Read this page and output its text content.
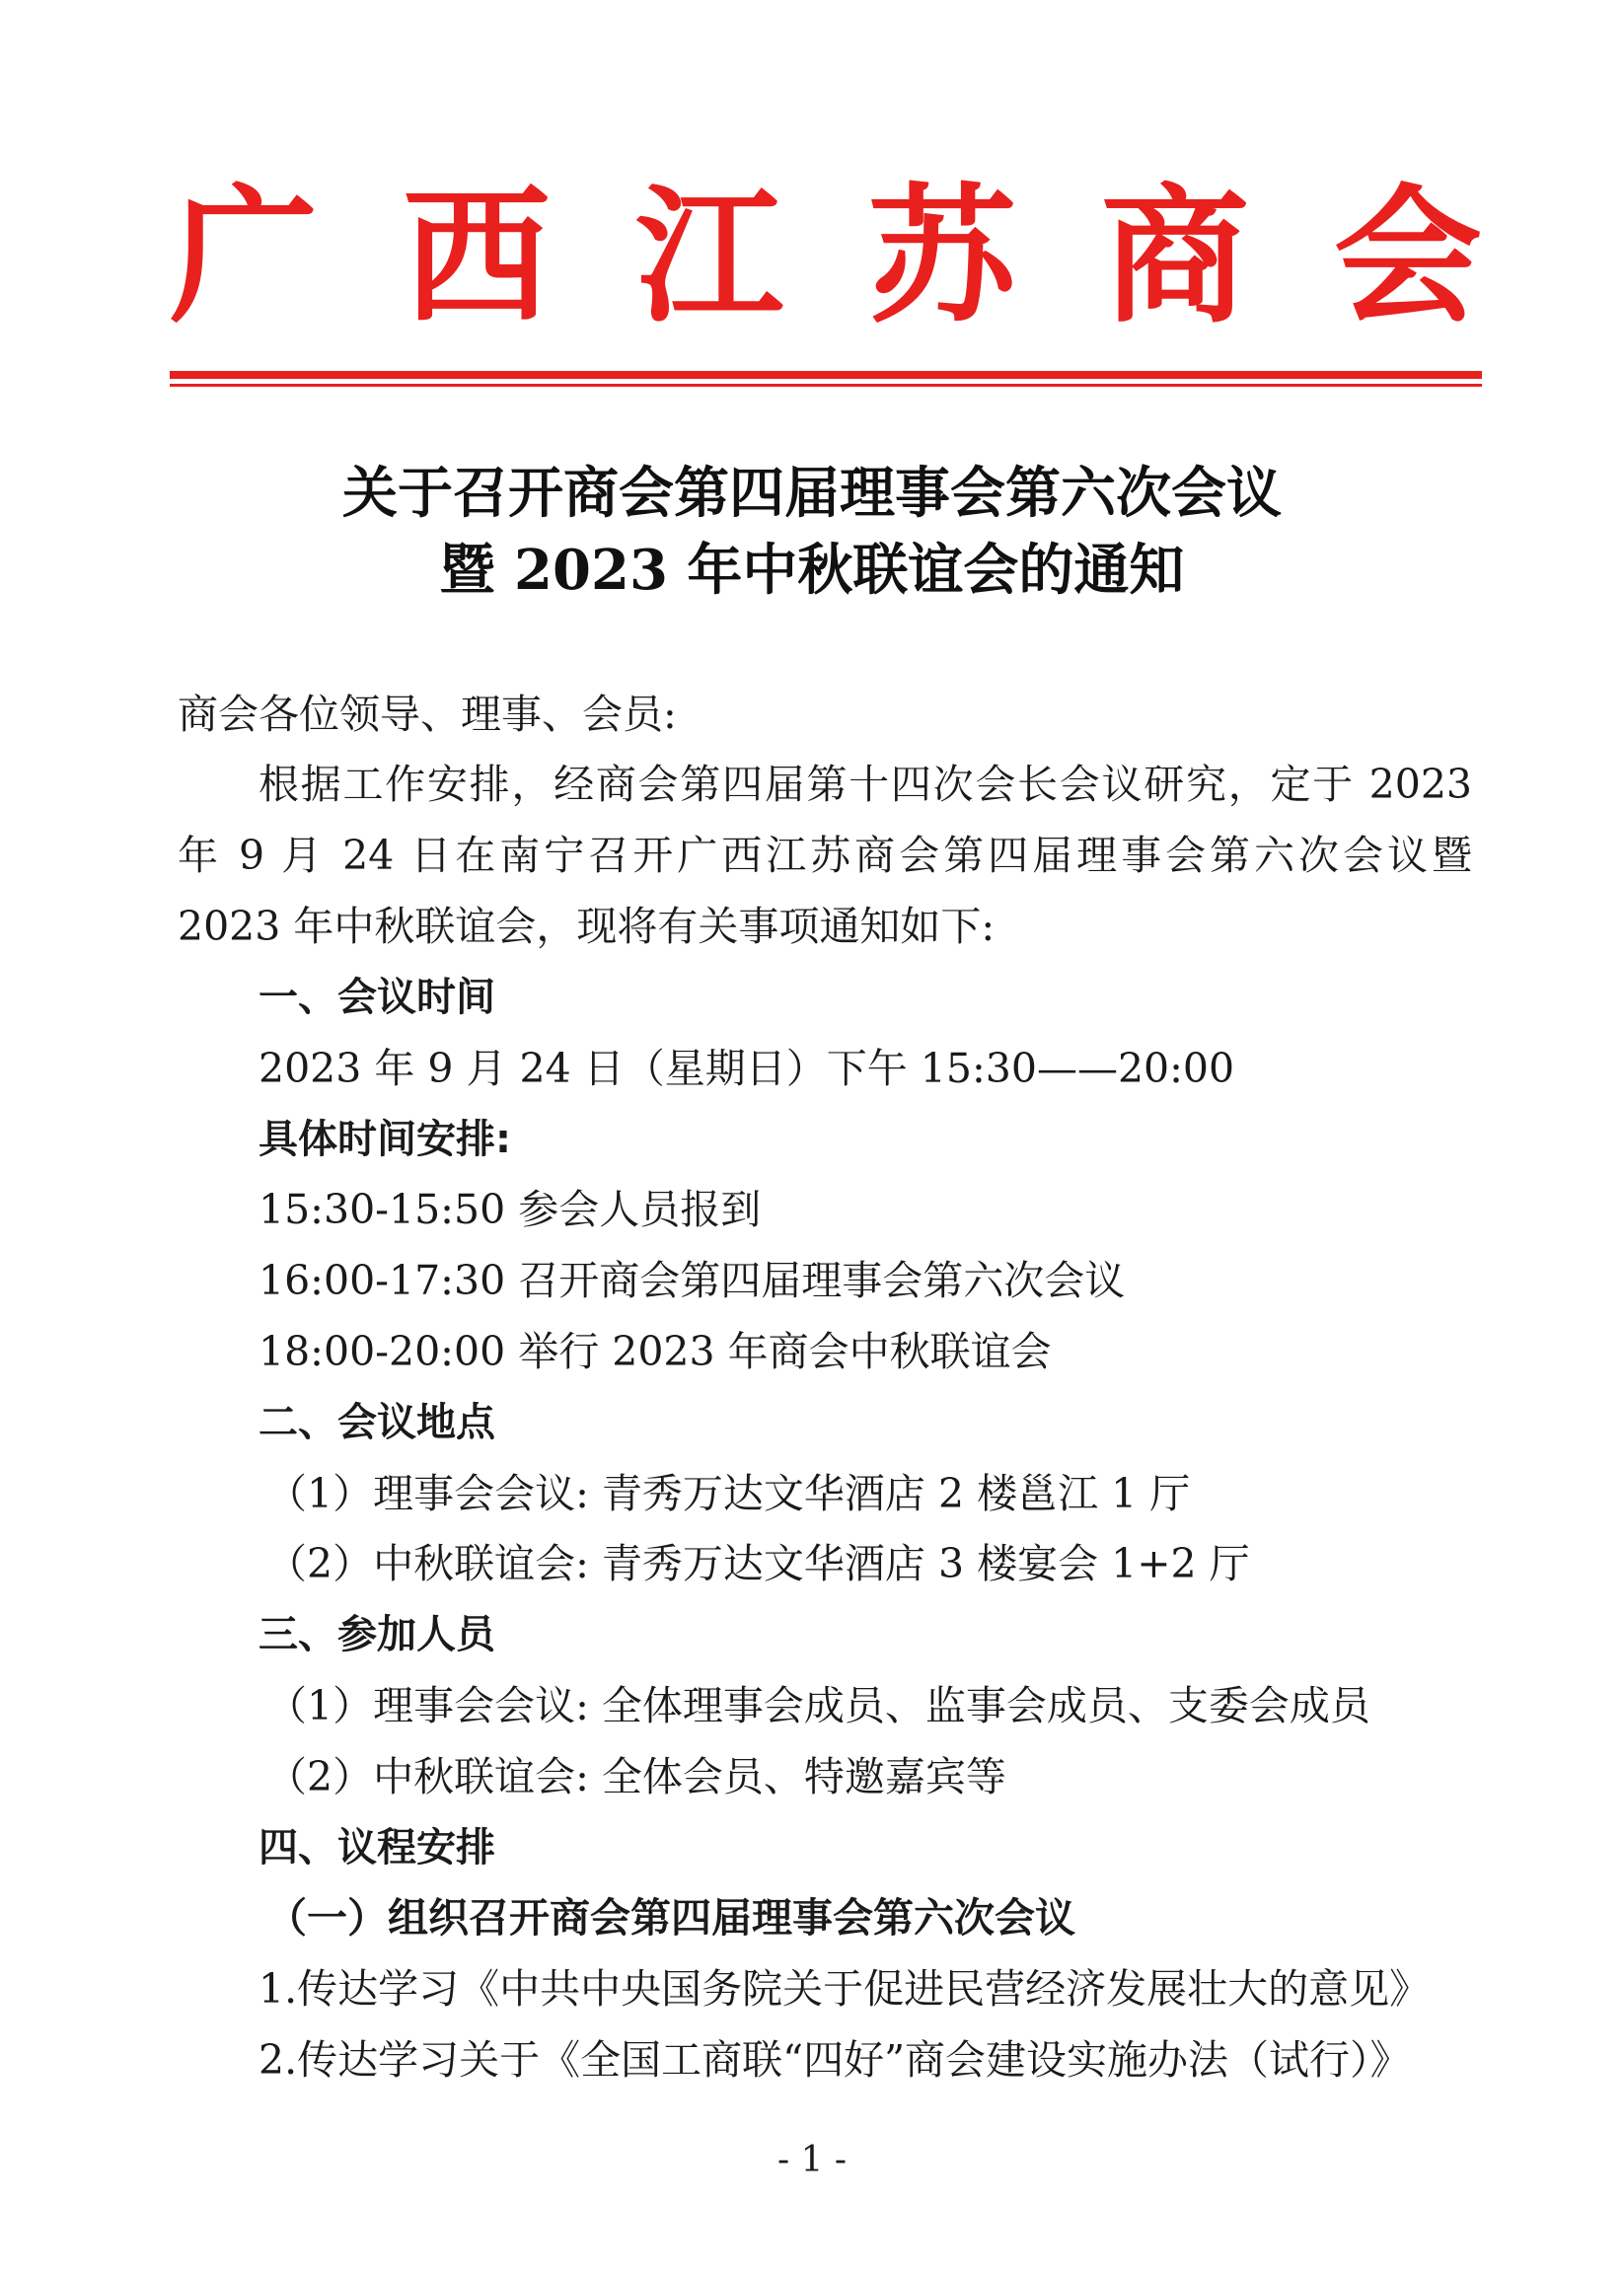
广 西 江 苏 商 会
关于召开商会第四届理事会第六次会议
暨 2023 年中秋联谊会的通知
商会各位领导、理事、会员:
根据工作安排，经商会第四届第十四次会长会议研究，定于 2023
年 9 月 24 日在南宁召开广西江苏商会第四届理事会第六次会议暨
2023 年中秋联谊会，现将有关事项通知如下:
一、会议时间
2023 年 9 月 24 日（星期日）下午 15:30——20:00
具体时间安排:
15:30-15:50 参会人员报到
16:00-17:30 召开商会第四届理事会第六次会议
18:00-20:00 举行 2023 年商会中秋联谊会
二、会议地点
（1）理事会会议: 青秀万达文华酒店 2 楼邕江 1 厅
（2）中秋联谊会: 青秀万达文华酒店 3 楼宴会 1+2 厅
三、参加人员
（1）理事会会议: 全体理事会成员、监事会成员、支委会成员
（2）中秋联谊会: 全体会员、特邀嘉宾等
四、议程安排
（一）组织召开商会第四届理事会第六次会议
1.传达学习《中共中央国务院关于促进民营经济发展壮大的意见》
2.传达学习关于《全国工商联“四好”商会建设实施办法（试行）》
- 1 -
